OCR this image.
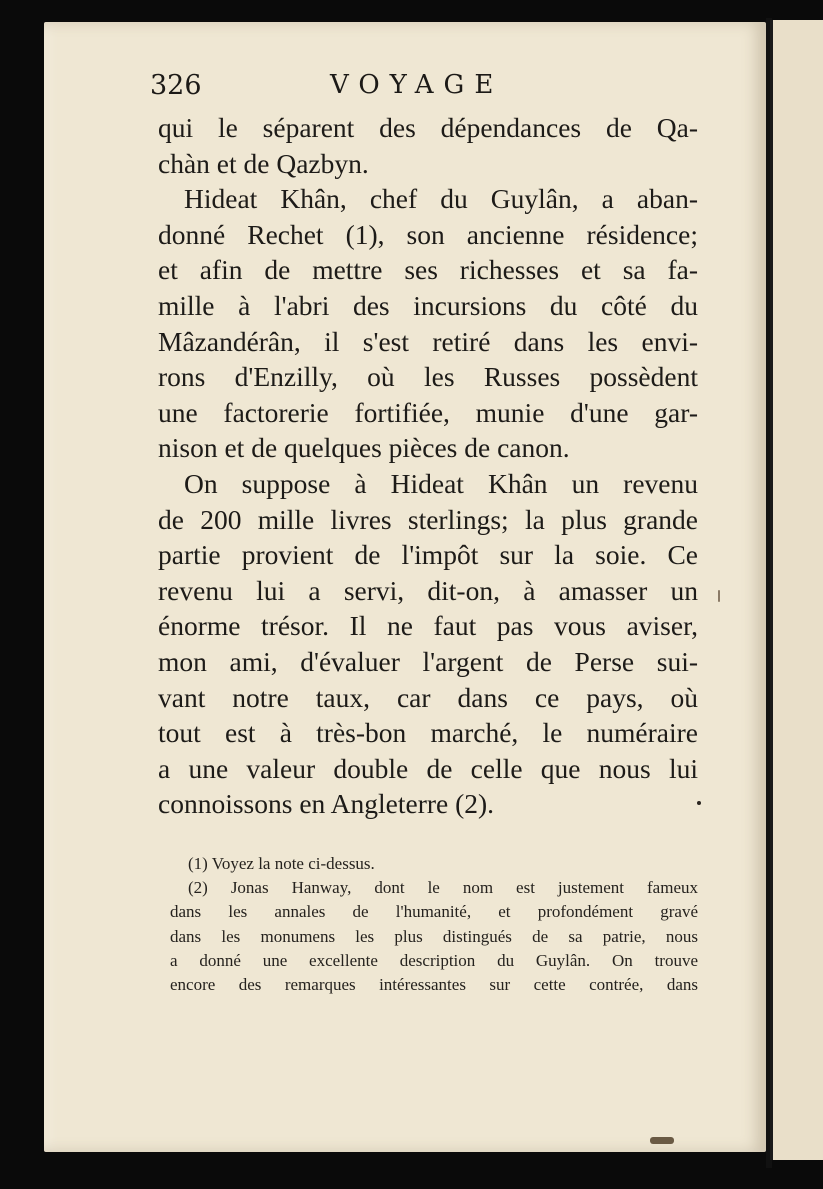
326	VOYAGE
qui le séparent des dépendances de Qa-
chàn et de Qazbyn.
Hideat Khân, chef du Guylân, a aban-
donné Rechet (1), son ancienne résidence;
et afin de mettre ses richesses et sa fa-
mille à l'abri des incursions du côté du
Mâzandérân, il s'est retiré dans les envi-
rons d'Enzilly, où les Russes possèdent
une factorerie fortifiée, munie d'une gar-
nison et de quelques pièces de canon.
On suppose à Hideat Khân un revenu
de 200 mille livres sterlings; la plus grande
partie provient de l'impôt sur la soie. Ce
revenu lui a servi, dit-on, à amasser un
énorme trésor. Il ne faut pas vous aviser,
mon ami, d'évaluer l'argent de Perse sui-
vant notre taux, car dans ce pays, où
tout est à très-bon marché, le numéraire
a une valeur double de celle que nous lui
connoissons en Angleterre (2).
(1) Voyez la note ci-dessus.
(2) Jonas Hanway, dont le nom est justement fameux
dans les annales de l'humanité, et profondément gravé
dans les monumens les plus distingués de sa patrie, nous
a donné une excellente description du Guylân. On trouve
encore des remarques intéressantes sur cette contrée, dans
